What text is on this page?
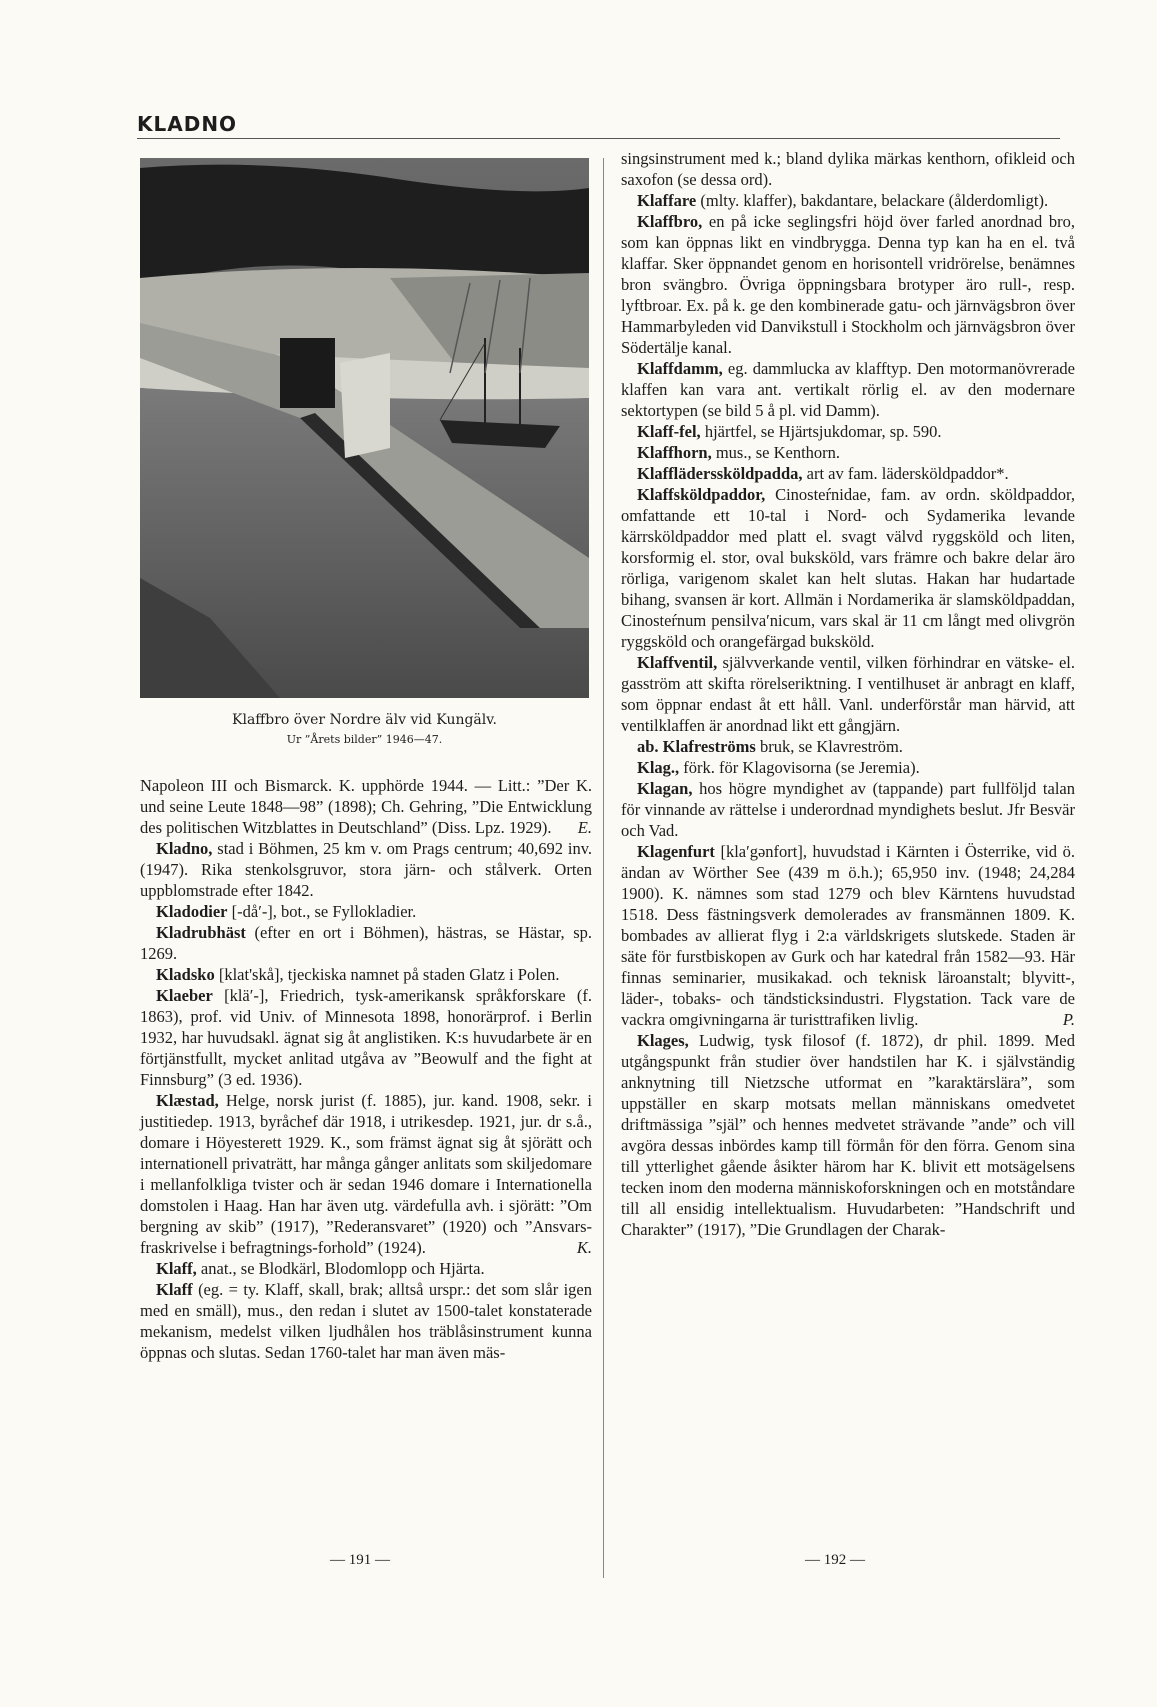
KLADNO
Klaffbro över Nordre älv vid Kungälv.
Ur ”Årets bilder” 1946—47.

Napoleon III och Bismarck. K. upphörde 1944. — Litt.: ”Der K. und seine Leute 1848—98” (1898); Ch. Gehring, ”Die Entwicklung des politischen Witzblattes in Deutschland” (Diss. Lpz. 1929). E.

Kladno, stad i Böhmen, 25 km v. om Prags centrum; 40,692 inv. (1947). Rika stenkolsgruvor, stora järn- och stålverk. Orten uppblomstrade efter 1842.

Kladodier [-då′-], bot., se Fyllokladier.

Kladrubhäst (efter en ort i Böhmen), hästras, se Hästar, sp. 1269.

Kladsko [klat'skå], tjeckiska namnet på staden Glatz i Polen.

Klaeber [klä′-], Friedrich, tysk-amerikansk språkforskare (f. 1863), prof. vid Univ. of Minnesota 1898, honorärprof. i Berlin 1932, har huvudsakl. ägnat sig åt anglistiken. K:s huvudarbete är en förtjänstfullt, mycket anlitad utgåva av ”Beowulf and the fight at Finnsburg” (3 ed. 1936).

Klæstad, Helge, norsk jurist (f. 1885), jur. kand. 1908, sekr. i justitiedep. 1913, byråchef där 1918, i utrikesdep. 1921, jur. dr s.å., domare i Höyesterett 1929. K., som främst ägnat sig åt sjörätt och internationell privaträtt, har många gånger anlitats som skiljedomare i mellanfolkliga tvister och är sedan 1946 domare i Internationella domstolen i Haag. Han har även utg. värdefulla avh. i sjörätt: ”Om bergning av skib” (1917), ”Rederansvaret” (1920) och ”Ansvars-fraskrivelse i befragtnings-forhold” (1924).	K.

Klaff, anat., se Blodkärl, Blodomlopp och Hjärta.

Klaff (eg. = ty. Klaff, skall, brak; alltså urspr.: det som slår igen med en smäll), mus., den redan i slutet av 1500-talet konstaterade mekanism, medelst vilken ljudhålen hos träblåsinstrument kunna öppnas och slutas. Sedan 1760-talet har man även mäs-

singsinstrument med k.; bland dylika märkas kenthorn, ofikleid och saxofon (se dessa ord).

Klaffare (mlty. klaffer), bakdantare, belackare (ålderdomligt).

Klaffbro, en på icke seglingsfri höjd över farled anordnad bro, som kan öppnas likt en vindbrygga. Denna typ kan ha en el. två klaffar. Sker öppnandet genom en horisontell vridrörelse, benämnes bron svängbro. Övriga öppningsbara brotyper äro rull-, resp. lyftbroar. Ex. på k. ge den kombinerade gatu- och järnvägsbron över Hammarbyleden vid Danvikstull i Stockholm och järnvägsbron över Södertälje kanal.

Klaffdamm, eg. dammlucka av klafftyp. Den motormanövrerade klaffen kan vara ant. vertikalt rörlig el. av den modernare sektortypen (se bild 5 å pl. vid Damm).

Klaff-fel, hjärtfel, se Hjärtsjukdomar, sp. 590.

Klaffhorn, mus., se Kenthorn.

Klaffläderssköldpadda, art av fam. lädersköldpaddor*.

Klaffsköldpaddor, Cinosteŕnidae, fam. av ordn. sköldpaddor, omfattande ett 10-tal i Nord- och Sydamerika levande kärrsköldpaddor med platt el. svagt välvd ryggsköld och liten, korsformig el. stor, oval buksköld, vars främre och bakre delar äro rörliga, varigenom skalet kan helt slutas. Hakan har hudartade bihang, svansen är kort. Allmän i Nordamerika är slamsköldpaddan, Cinosteŕnum pensilva′nicum, vars skal är 11 cm långt med olivgrön ryggsköld och orangefärgad buksköld.

Klaffventil, självverkande ventil, vilken förhindrar en vätske- el. gasström att skifta rörelseriktning. I ventilhuset är anbragt en klaff, som öppnar endast åt ett håll. Vanl. underförstår man härvid, att ventilklaffen är anordnad likt ett gångjärn.

ab. Klafreströms bruk, se Klavreström.

Klag., förk. för Klagovisorna (se Jeremia).

Klagan, hos högre myndighet av (tappande) part fullföljd talan för vinnande av rättelse i underordnad myndighets beslut. Jfr Besvär och Vad.

Klagenfurt [kla′gənfort], huvudstad i Kärnten i Österrike, vid ö. ändan av Wörther See (439 m ö.h.); 65,950 inv. (1948; 24,284 1900). K. nämnes som stad 1279 och blev Kärntens huvudstad 1518. Dess fästningsverk demolerades av fransmännen 1809. K. bombades av allierat flyg i 2:a världskrigets slutskede. Staden är säte för furstbiskopen av Gurk och har katedral från 1582—93. Här finnas seminarier, musikakad. och teknisk läroanstalt; blyvitt-, läder-, tobaks- och tändsticksindustri. Flygstation. Tack vare de vackra omgivningarna är turisttrafiken livlig.	P.

Klages, Ludwig, tysk filosof (f. 1872), dr phil. 1899. Med utgångspunkt från studier över handstilen har K. i självständig anknytning till Nietzsche utformat en ”karaktärslära”, som uppställer en skarp motsats mellan människans omedvetet driftmässiga ”själ” och hennes medvetet strävande ”ande” och vill avgöra dessas inbördes kamp till förmån för den förra. Genom sina till ytterlighet gående åsikter härom har K. blivit ett motsägelsens tecken inom den moderna människoforskningen och en motståndare till all ensidig intellektualism. Huvudarbeten: ”Handschrift und Charakter” (1917), ”Die Grundlagen der Charak-

— 191 —	— 192 —
